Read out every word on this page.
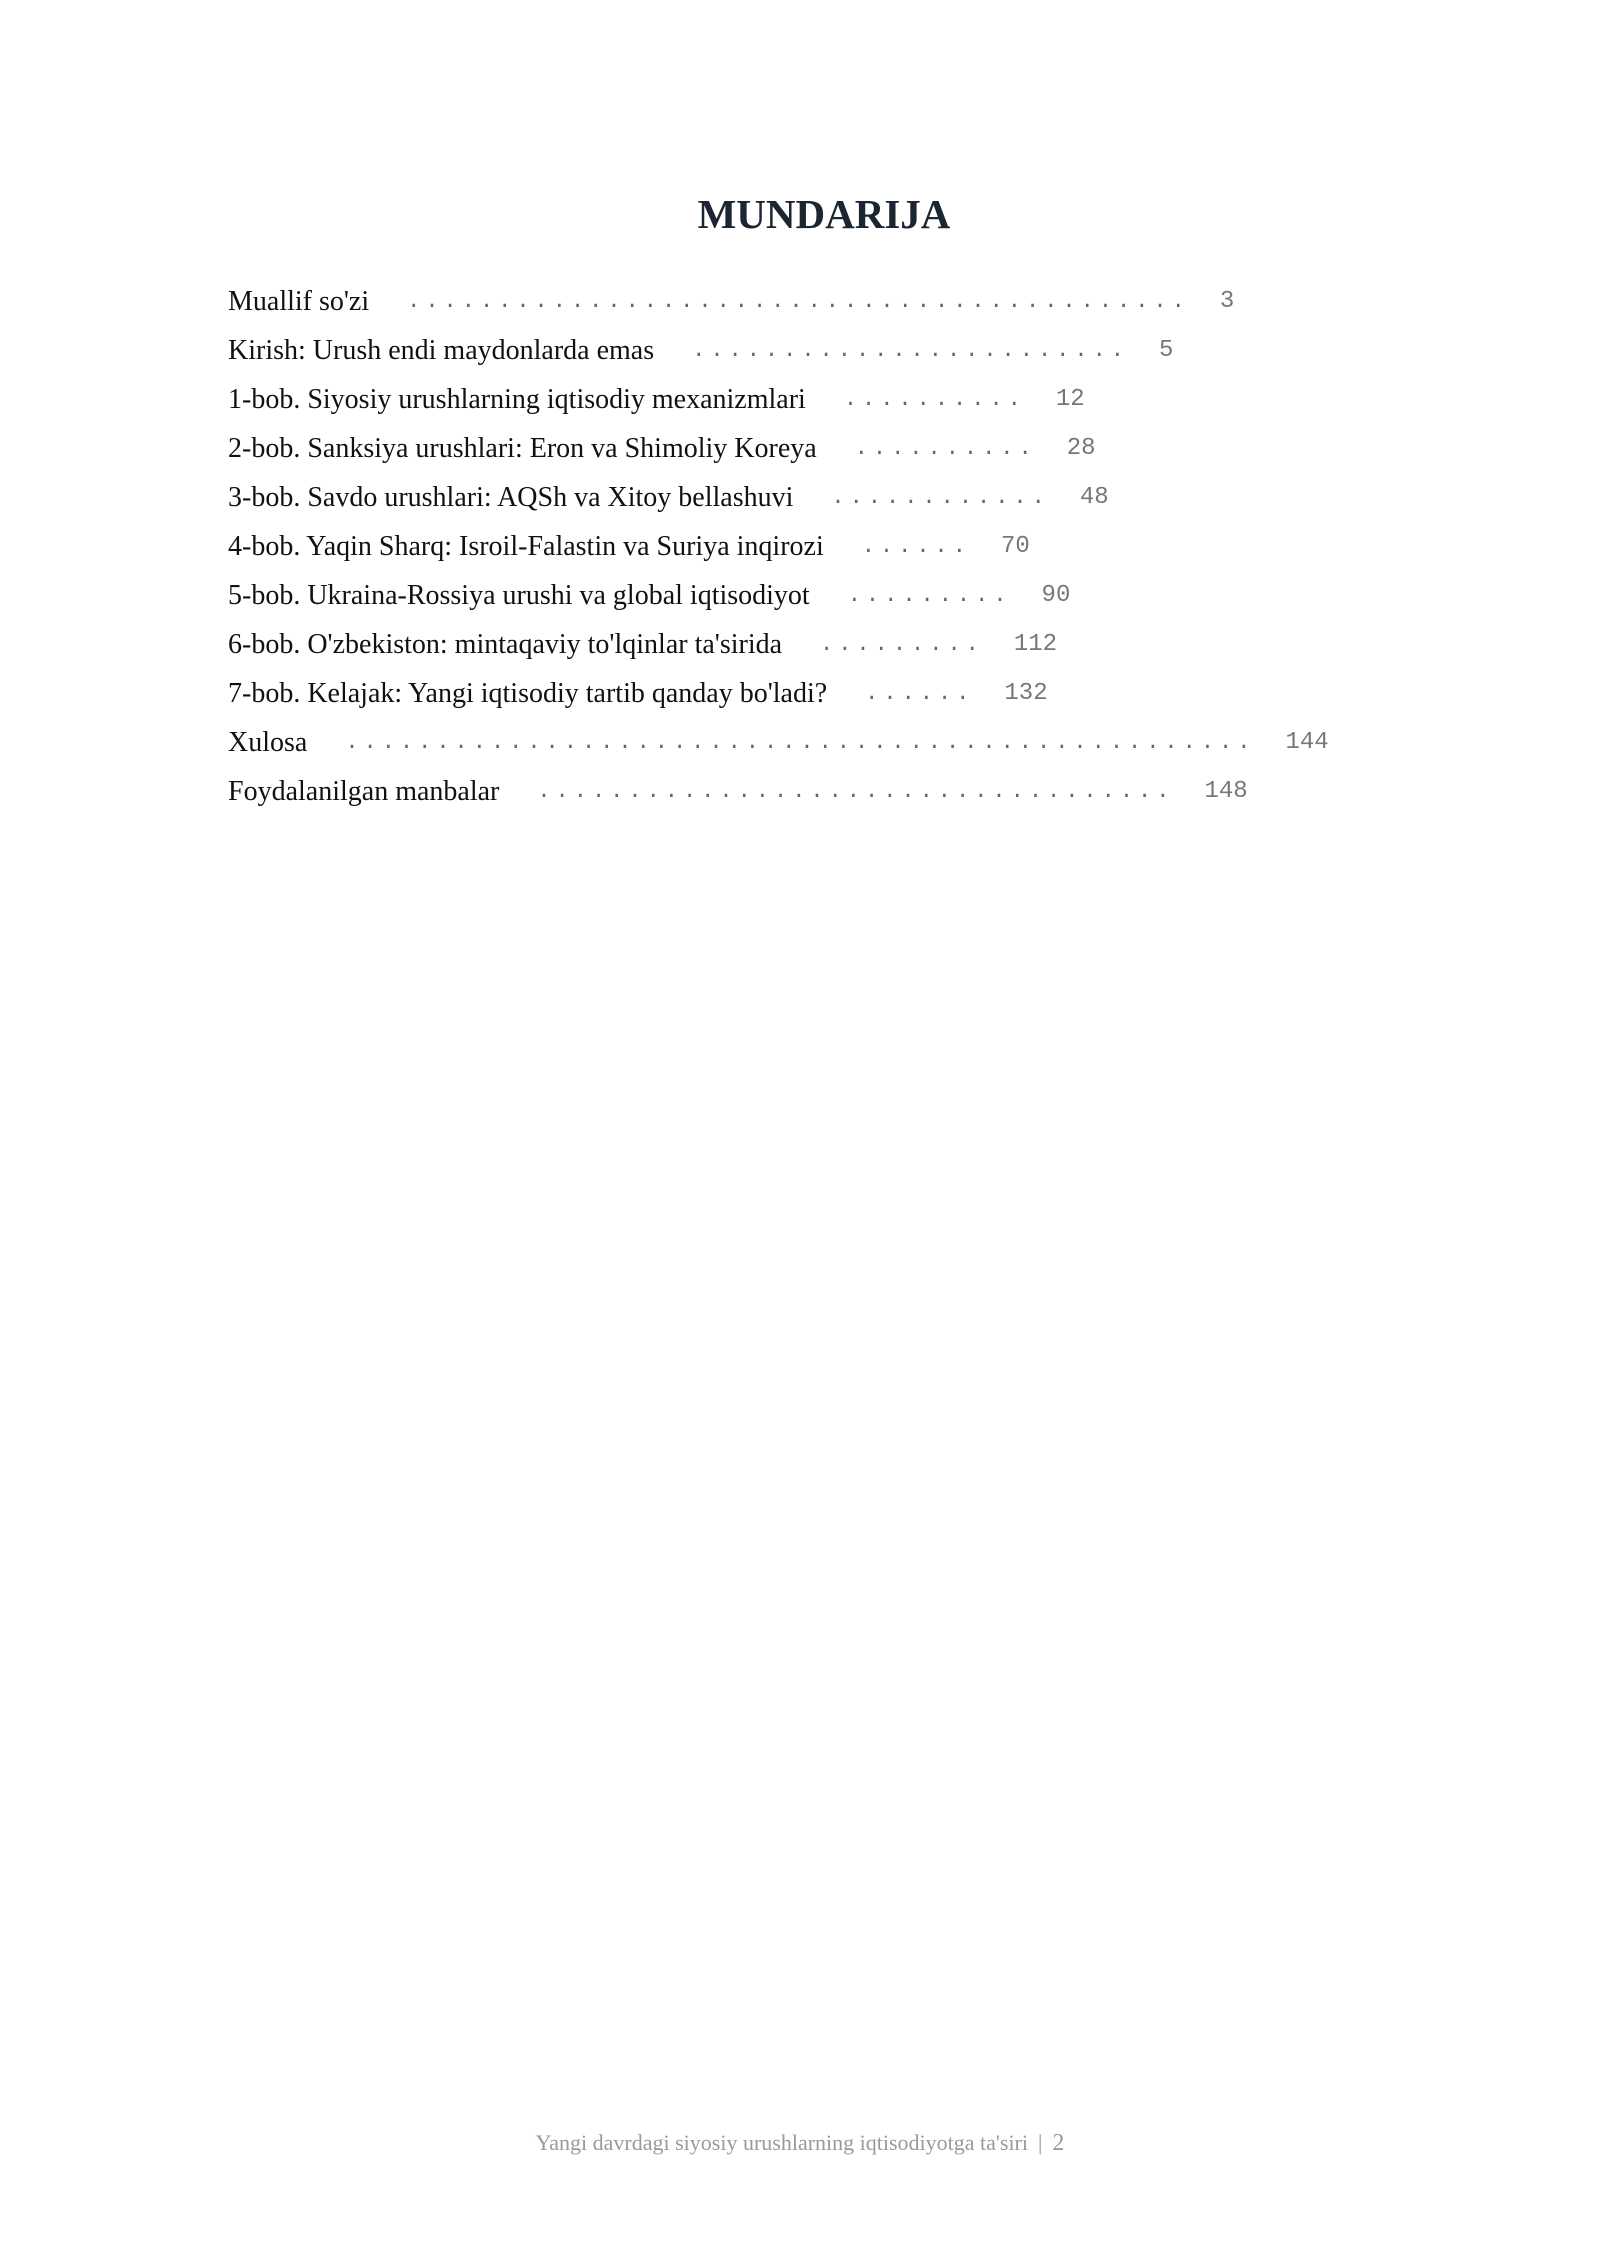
MUNDARIJA
Muallif so'zi ........................................... 3
Kirish: Urush endi maydonlarda emas ........................ 5
1-bob. Siyosiy urushlarning iqtisodiy mexanizmlari .......... 12
2-bob. Sanksiya urushlari: Eron va Shimoliy Koreya .......... 28
3-bob. Savdo urushlari: AQSh va Xitoy bellashuvi ............ 48
4-bob. Yaqin Sharq: Isroil-Falastin va Suriya inqirozi ...... 70
5-bob. Ukraina-Rossiya urushi va global iqtisodiyot ......... 90
6-bob. O'zbekiston: mintaqaviy to'lqinlar ta'sirida ......... 112
7-bob. Kelajak: Yangi iqtisodiy tartib qanday bo'ladi? ...... 132
Xulosa .................................................. 144
Foydalanilgan manbalar ................................... 148
Yangi davrdagi siyosiy urushlarning iqtisodiyotga ta'siri | 2
